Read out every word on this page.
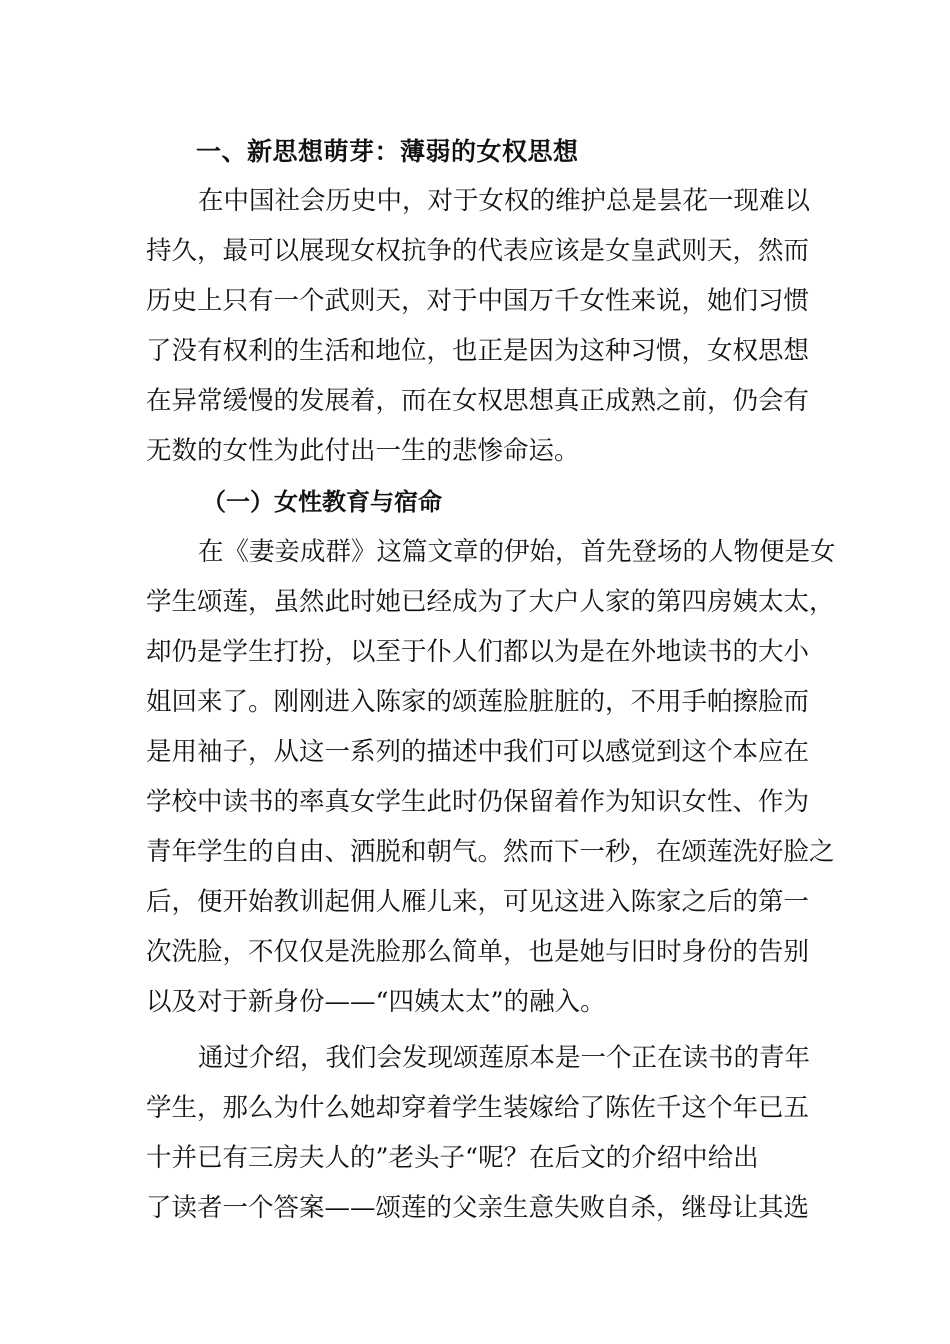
一、新思想萌芽：薄弱的女权思想
在中国社会历史中，对于女权的维护总是昙花一现难以
持久，最可以展现女权抗争的代表应该是女皇武则天，然而
历史上只有一个武则天，对于中国万千女性来说，她们习惯
了没有权利的生活和地位，也正是因为这种习惯，女权思想
在异常缓慢的发展着，而在女权思想真正成熟之前，仍会有
无数的女性为此付出一生的悲惨命运。
（一）女性教育与宿命
在《妻妾成群》这篇文章的伊始，首先登场的人物便是女
学生颂莲，虽然此时她已经成为了大户人家的第四房姨太太，
却仍是学生打扮，以至于仆人们都以为是在外地读书的大小
姐回来了。刚刚进入陈家的颂莲脸脏脏的，不用手帕擦脸而
是用袖子，从这一系列的描述中我们可以感觉到这个本应在
学校中读书的率真女学生此时仍保留着作为知识女性、作为
青年学生的自由、洒脱和朝气。然而下一秒，在颂莲洗好脸之
后，便开始教训起佣人雁儿来，可见这进入陈家之后的第一
次洗脸，不仅仅是洗脸那么简单，也是她与旧时身份的告别
以及对于新身份——“四姨太太”的融入。
通过介绍，我们会发现颂莲原本是一个正在读书的青年
学生，那么为什么她却穿着学生装嫁给了陈佐千这个年已五
十并已有三房夫人的”老头子“呢？在后文的介绍中给出
了读者一个答案——颂莲的父亲生意失败自杀，继母让其选
